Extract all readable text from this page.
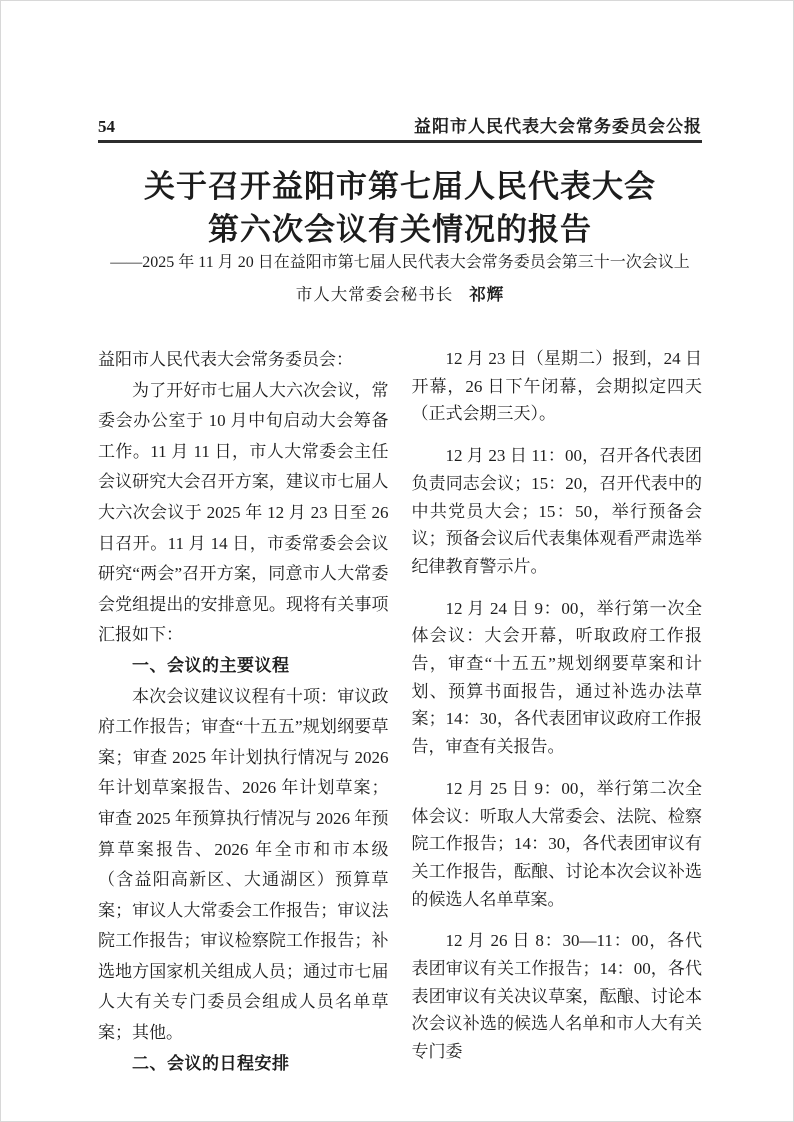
54	益阳市人民代表大会常务委员会公报
关于召开益阳市第七届人民代表大会
第六次会议有关情况的报告
——2025 年 11 月 20 日在益阳市第七届人民代表大会常务委员会第三十一次会议上
市人大常委会秘书长 祁辉

益阳市人民代表大会常务委员会：

为了开好市七届人大六次会议，常委会办公室于 10 月中旬启动大会筹备工作。11 月 11 日，市人大常委会主任会议研究大会召开方案，建议市七届人大六次会议于 2025 年 12 月 23 日至 26 日召开。11 月 14 日，市委常委会会议研究“两会”召开方案，同意市人大常委会党组提出的安排意见。现将有关事项汇报如下：

一、会议的主要议程

本次会议建议议程有十项：审议政府工作报告；审查“十五五”规划纲要草案；审查 2025 年计划执行情况与 2026 年计划草案报告、2026 年计划草案；审查 2025 年预算执行情况与 2026 年预算草案报告、2026 年全市和市本级（含益阳高新区、大通湖区）预算草案；审议人大常委会工作报告；审议法院工作报告；审议检察院工作报告；补选地方国家机关组成人员；通过市七届人大有关专门委员会组成人员名单草案；其他。

二、会议的日程安排

12 月 23 日（星期二）报到，24 日开幕，26 日下午闭幕，会期拟定四天（正式会期三天）。

12 月 23 日 11：00，召开各代表团负责同志会议；15：20，召开代表中的中共党员大会；15：50，举行预备会议；预备会议后代表集体观看严肃选举纪律教育警示片。

12 月 24 日 9：00，举行第一次全体会议：大会开幕，听取政府工作报告，审查“十五五”规划纲要草案和计划、预算书面报告，通过补选办法草案；14：30，各代表团审议政府工作报告，审查有关报告。

12 月 25 日 9：00，举行第二次全体会议：听取人大常委会、法院、检察院工作报告；14：30，各代表团审议有关工作报告，酝酿、讨论本次会议补选的候选人名单草案。

12 月 26 日 8：30—11：00，各代表团审议有关工作报告；14：00，各代表团审议有关决议草案，酝酿、讨论本次会议补选的候选人名单和市人大有关专门委
